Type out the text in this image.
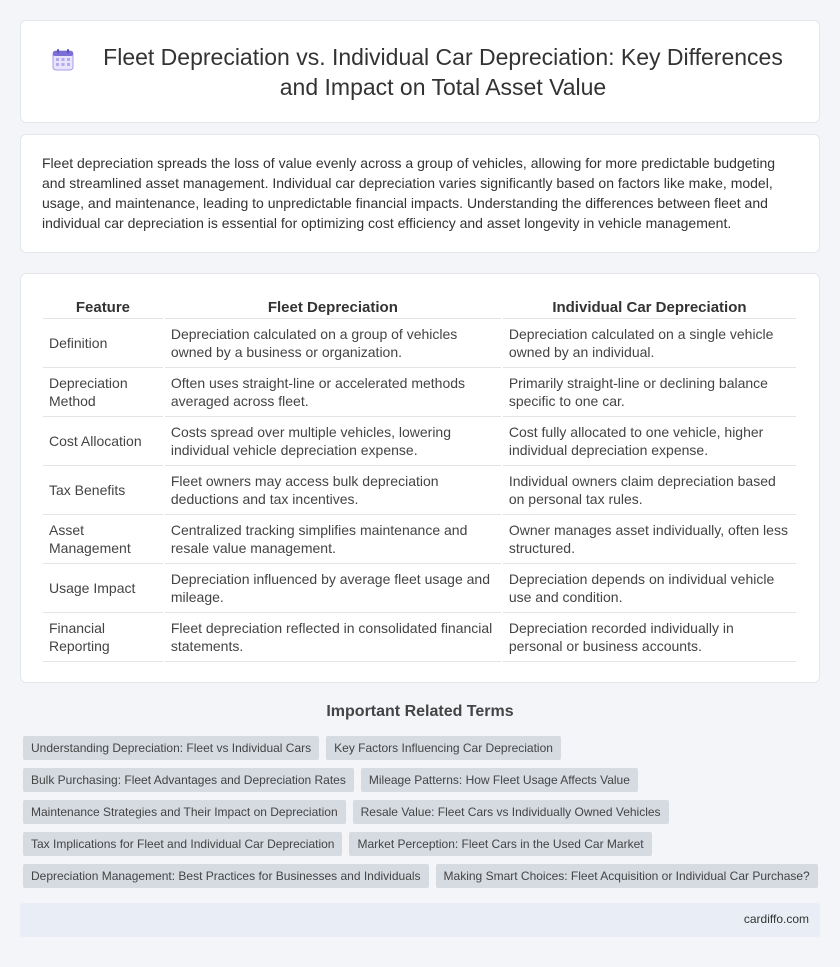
Fleet Depreciation vs. Individual Car Depreciation: Key Differences and Impact on Total Asset Value

Fleet depreciation spreads the loss of value evenly across a group of vehicles, allowing for more predictable budgeting and streamlined asset management. Individual car depreciation varies significantly based on factors like make, model, usage, and maintenance, leading to unpredictable financial impacts. Understanding the differences between fleet and individual car depreciation is essential for optimizing cost efficiency and asset longevity in vehicle management.

Feature	Fleet Depreciation	Individual Car Depreciation
Definition	Depreciation calculated on a group of vehicles owned by a business or organization.	Depreciation calculated on a single vehicle owned by an individual.
Depreciation Method	Often uses straight-line or accelerated methods averaged across fleet.	Primarily straight-line or declining balance specific to one car.
Cost Allocation	Costs spread over multiple vehicles, lowering individual vehicle depreciation expense.	Cost fully allocated to one vehicle, higher individual depreciation expense.
Tax Benefits	Fleet owners may access bulk depreciation deductions and tax incentives.	Individual owners claim depreciation based on personal tax rules.
Asset Management	Centralized tracking simplifies maintenance and resale value management.	Owner manages asset individually, often less structured.
Usage Impact	Depreciation influenced by average fleet usage and mileage.	Depreciation depends on individual vehicle use and condition.
Financial Reporting	Fleet depreciation reflected in consolidated financial statements.	Depreciation recorded individually in personal or business accounts.
Important Related Terms
Understanding Depreciation: Fleet vs Individual Cars	Key Factors Influencing Car Depreciation
Bulk Purchasing: Fleet Advantages and Depreciation Rates	Mileage Patterns: How Fleet Usage Affects Value
Maintenance Strategies and Their Impact on Depreciation	Resale Value: Fleet Cars vs Individually Owned Vehicles
Tax Implications for Fleet and Individual Car Depreciation	Market Perception: Fleet Cars in the Used Car Market
Depreciation Management: Best Practices for Businesses and Individuals	Making Smart Choices: Fleet Acquisition or Individual Car Purchase?
cardiffo.com
